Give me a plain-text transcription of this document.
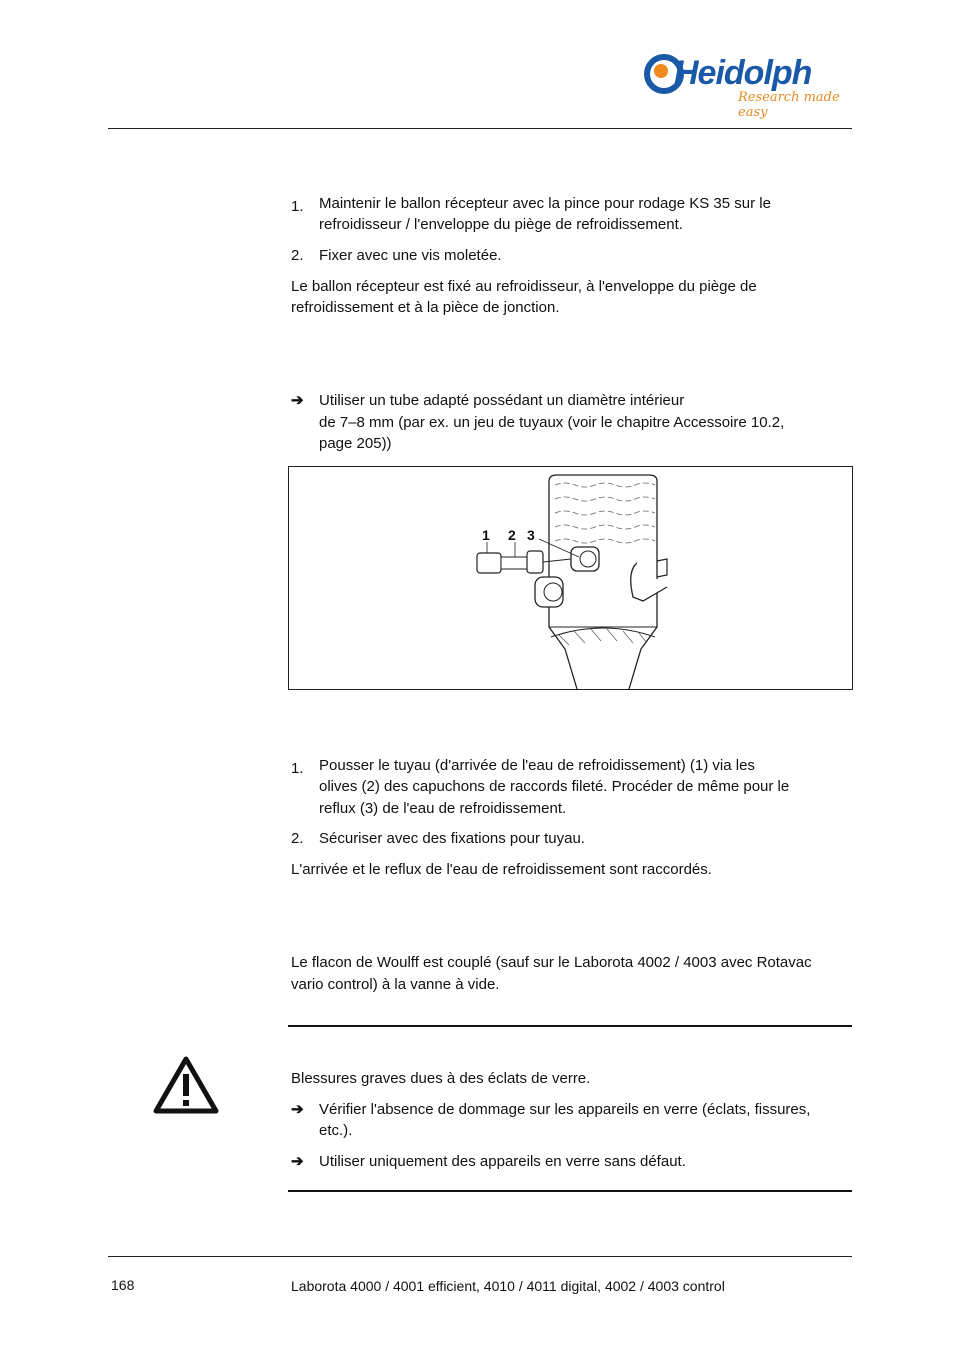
Heidolph
Research made easy
1. Maintenir le ballon récepteur avec la pince pour rodage KS 35 sur le
refroidisseur / l'enveloppe du piège de refroidissement.
2. Fixer avec une vis moletée.
Le ballon récepteur est fixé au refroidisseur, à l'enveloppe du piège de
refroidissement et à la pièce de jonction.
➔ Utiliser un tube adapté possédant un diamètre intérieur
de 7–8 mm (par ex. un jeu de tuyaux (voir le chapitre Accessoire 10.2,
page 205))
1 2 3
1. Pousser le tuyau (d'arrivée de l'eau de refroidissement) (1) via les
olives (2) des capuchons de raccords fileté. Procéder de même pour le
reflux (3) de l'eau de refroidissement.
2. Sécuriser avec des fixations pour tuyau.
L'arrivée et le reflux de l'eau de refroidissement sont raccordés.
Le flacon de Woulff est couplé (sauf sur le Laborota 4002 / 4003 avec Rotavac
vario control) à la vanne à vide.
Blessures graves dues à des éclats de verre.
➔ Vérifier l'absence de dommage sur les appareils en verre (éclats, fissures,
etc.).
➔ Utiliser uniquement des appareils en verre sans défaut.
168	Laborota 4000 / 4001 efficient, 4010 / 4011 digital, 4002 / 4003 control
